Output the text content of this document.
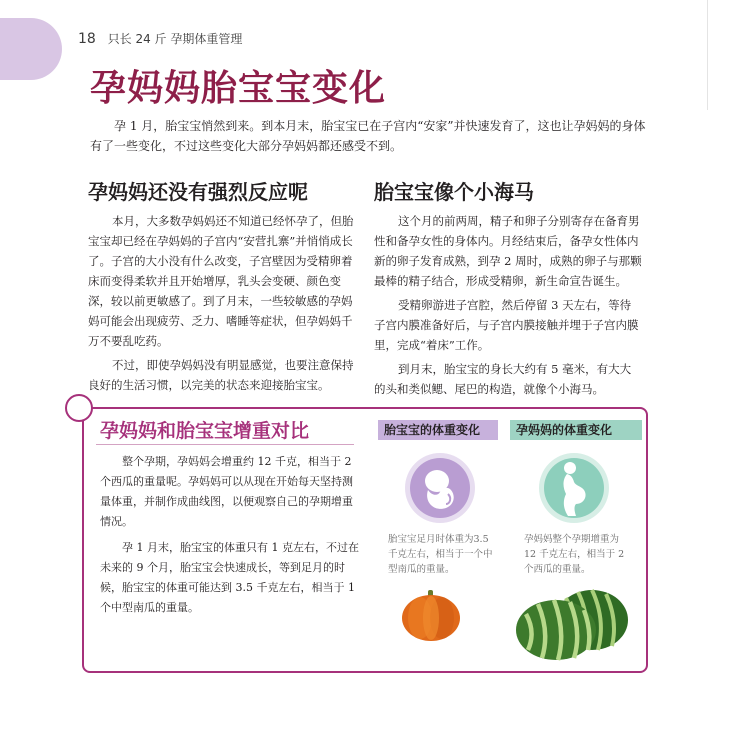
18 只长 24 斤 孕期体重管理
孕妈妈胎宝宝变化

孕 1 月，胎宝宝悄然到来。到本月末，胎宝宝已在子宫内“安家”并快速发育了，这也让孕妈妈的身体有了一些变化，不过这些变化大部分孕妈妈都还感受不到。

孕妈妈还没有强烈反应呢

本月，大多数孕妈妈还不知道已经怀孕了，但胎宝宝却已经在孕妈妈的子宫内“安营扎寨”并悄悄成长了。子宫的大小没有什么改变，子宫壁因为受精卵着床而变得柔软并且开始增厚，乳头会变硬、颜色变深，较以前更敏感了。到了月末，一些较敏感的孕妈妈可能会出现疲劳、乏力、嗜睡等症状，但孕妈妈千万不要乱吃药。

不过，即使孕妈妈没有明显感觉，也要注意保持良好的生活习惯，以完美的状态来迎接胎宝宝。

胎宝宝像个小海马

这个月的前两周，精子和卵子分别寄存在备育男性和备孕女性的身体内。月经结束后，备孕女性体内新的卵子发育成熟，到孕 2 周时，成熟的卵子与那颗最棒的精子结合，形成受精卵，新生命宣告诞生。

受精卵游进子宫腔，然后停留 3 天左右，等待子宫内膜准备好后，与子宫内膜接触并埋于子宫内膜里，完成“着床”工作。

到月末，胎宝宝的身长大约有 5 毫米，有大大的头和类似鳃、尾巴的构造，就像个小海马。

孕妈妈和胎宝宝增重对比

整个孕期，孕妈妈会增重约 12 千克，相当于 2 个西瓜的重量呢。孕妈妈可以从现在开始每天坚持测量体重，并制作成曲线图，以便观察自己的孕期增重情况。

孕 1 月末，胎宝宝的体重只有 1 克左右，不过在未来的 9 个月，胎宝宝会快速成长，等到足月的时候，胎宝宝的体重可能达到 3.5 千克左右，相当于 1 个中型南瓜的重量。

胎宝宝的体重变化	孕妈妈的体重变化

胎宝宝足月时体重为3.5 千克左右，相当于一个中型南瓜的重量。

孕妈妈整个孕期增重为 12 千克左右，相当于 2 个西瓜的重量。
